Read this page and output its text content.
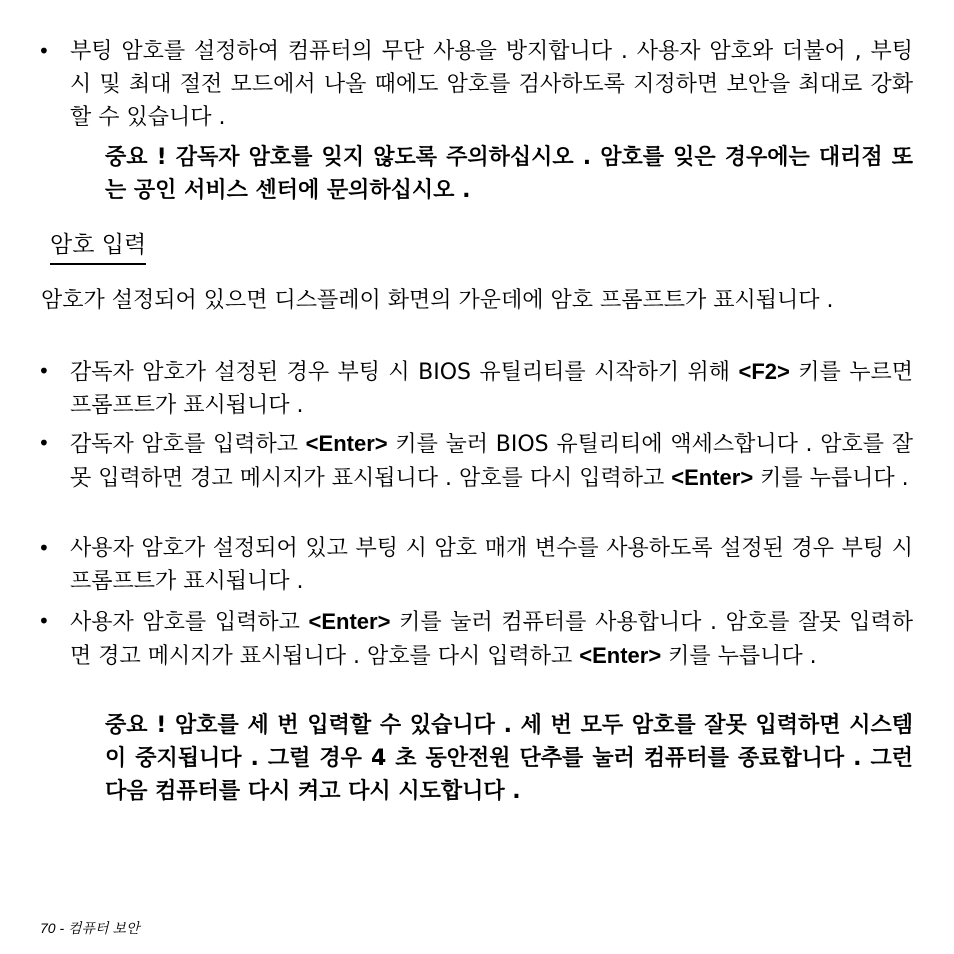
• 부팅 암호를 설정하여 컴퓨터의 무단 사용을 방지합니다 . 사용자 암호와 더불어 , 부팅 시 및 최대 절전 모드에서 나올 때에도 암호를 검사하도록 지정하면 보안을 최대로 강화할 수 있습니다 .
중요 ! 감독자 암호를 잊지 않도록 주의하십시오 . 암호를 잊은 경우에는 대리점 또는 공인 서비스 센터에 문의하십시오 .
암호 입력
암호가 설정되어 있으면 디스플레이 화면의 가운데에 암호 프롬프트가 표시됩니다 .
• 감독자 암호가 설정된 경우 부팅 시 BIOS 유틸리티를 시작하기 위해 <F2> 키를 누르면 프롬프트가 표시됩니다 .
• 감독자 암호를 입력하고 <Enter> 키를 눌러 BIOS 유틸리티에 액세스합니다 . 암호를 잘못 입력하면 경고 메시지가 표시됩니다 . 암호를 다시 입력하고 <Enter> 키를 누릅니다 .
• 사용자 암호가 설정되어 있고 부팅 시 암호 매개 변수를 사용하도록 설정된 경우 부팅 시 프롬프트가 표시됩니다 .
• 사용자 암호를 입력하고 <Enter> 키를 눌러 컴퓨터를 사용합니다 . 암호를 잘못 입력하면 경고 메시지가 표시됩니다 . 암호를 다시 입력하고 <Enter> 키를 누릅니다 .
중요 ! 암호를 세 번 입력할 수 있습니다 . 세 번 모두 암호를 잘못 입력하면 시스템이 중지됩니다 . 그럴 경우 4 초 동안전원 단추를 눌러 컴퓨터를 종료합니다 . 그런 다음 컴퓨터를 다시 켜고 다시 시도합니다 .
70 - 컴퓨터 보안
